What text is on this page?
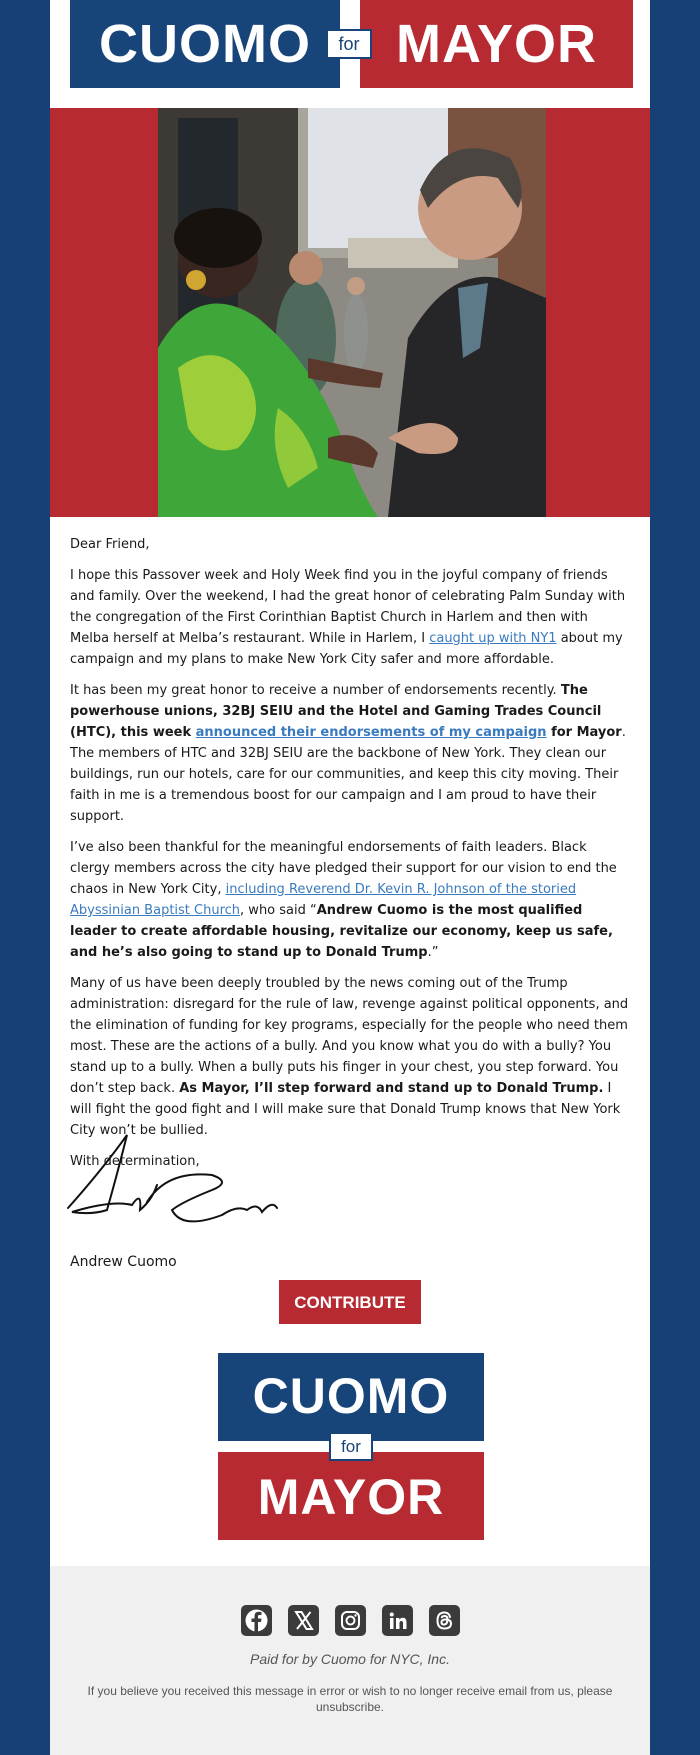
CUOMO	MAYOR
for

Dear Friend,

I hope this Passover week and Holy Week find you in the joyful company of friends and family. Over the weekend, I had the great honor of celebrating Palm Sunday with the congregation of the First Corinthian Baptist Church in Harlem and then with Melba herself at Melba’s restaurant. While in Harlem, I caught up with NY1 about my campaign and my plans to make New York City safer and more affordable.

It has been my great honor to receive a number of endorsements recently. The powerhouse unions, 32BJ SEIU and the Hotel and Gaming Trades Council (HTC), this week announced their endorsements of my campaign for Mayor. The members of HTC and 32BJ SEIU are the backbone of New York. They clean our buildings, run our hotels, care for our communities, and keep this city moving. Their faith in me is a tremendous boost for our campaign and I am proud to have their support.

I’ve also been thankful for the meaningful endorsements of faith leaders. Black clergy members across the city have pledged their support for our vision to end the chaos in New York City, including Reverend Dr. Kevin R. Johnson of the storied Abyssinian Baptist Church, who said “Andrew Cuomo is the most qualified leader to create affordable housing, revitalize our economy, keep us safe, and he’s also going to stand up to Donald Trump.”

Many of us have been deeply troubled by the news coming out of the Trump administration: disregard for the rule of law, revenge against political opponents, and the elimination of funding for key programs, especially for the people who need them most. These are the actions of a bully. And you know what you do with a bully? You stand up to a bully. When a bully puts his finger in your chest, you step forward. You don’t step back. As Mayor, I’ll step forward and stand up to Donald Trump. I will fight the good fight and I will make sure that Donald Trump knows that New York City won’t be bullied.

With determination,

Andrew Cuomo
CONTRIBUTE
CUOMO
MAYOR
for
Paid for by Cuomo for NYC, Inc.
If you believe you received this message in error or wish to no longer receive email from us, please unsubscribe.
